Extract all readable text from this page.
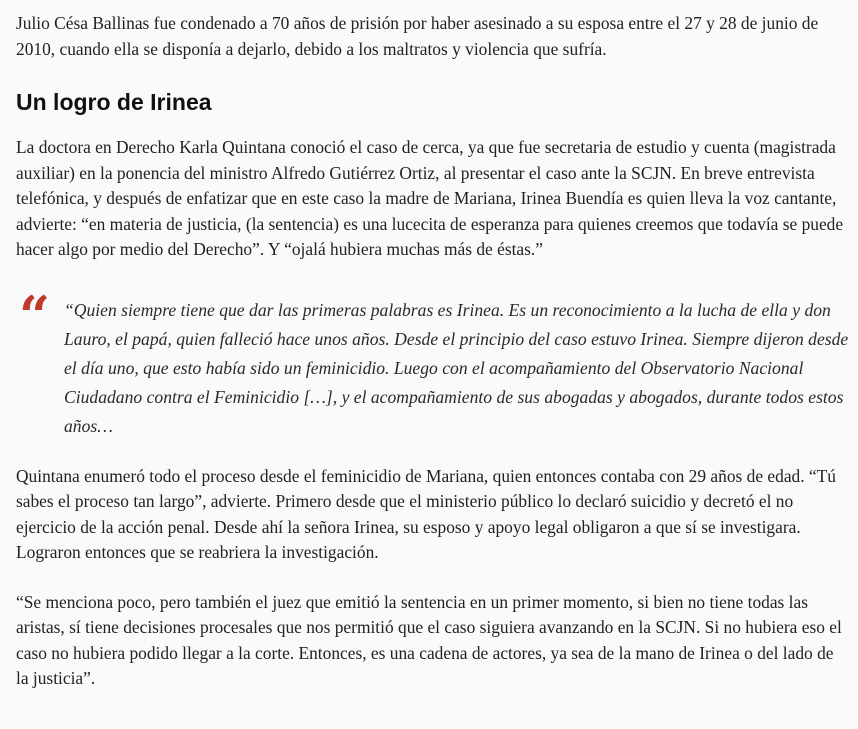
Julio Césa Ballinas fue condenado a 70 años de prisión por haber asesinado a su esposa entre el 27 y 28 de junio de 2010, cuando ella se disponía a dejarlo, debido a los maltratos y violencia que sufría.

Un logro de Irinea

La doctora en Derecho Karla Quintana conoció el caso de cerca, ya que fue secretaria de estudio y cuenta (magistrada auxiliar) en la ponencia del ministro Alfredo Gutiérrez Ortiz, al presentar el caso ante la SCJN. En breve entrevista telefónica, y después de enfatizar que en este caso la madre de Mariana, Irinea Buendía es quien lleva la voz cantante, advierte: “en materia de justicia, (la sentencia) es una lucecita de esperanza para quienes creemos que todavía se puede hacer algo por medio del Derecho”. Y “ojalá hubiera muchas más de éstas.”

“ “Quien siempre tiene que dar las primeras palabras es Irinea. Es un reconocimiento a la lucha de ella y don Lauro, el papá, quien falleció hace unos años. Desde el principio del caso estuvo Irinea. Siempre dijeron desde el día uno, que esto había sido un feminicidio. Luego con el acompañamiento del Observatorio Nacional Ciudadano contra el Feminicidio […], y el acompañamiento de sus abogadas y abogados, durante todos estos años…

Quintana enumeró todo el proceso desde el feminicidio de Mariana, quien entonces contaba con 29 años de edad. “Tú sabes el proceso tan largo”, advierte. Primero desde que el ministerio público lo declaró suicidio y decretó el no ejercicio de la acción penal. Desde ahí la señora Irinea, su esposo y apoyo legal obligaron a que sí se investigara. Lograron entonces que se reabriera la investigación.

“Se menciona poco, pero también el juez que emitió la sentencia en un primer momento, si bien no tiene todas las aristas, sí tiene decisiones procesales que nos permitió que el caso siguiera avanzando en la SCJN. Si no hubiera eso el caso no hubiera podido llegar a la corte. Entonces, es una cadena de actores, ya sea de la mano de Irinea o del lado de la justicia”.
